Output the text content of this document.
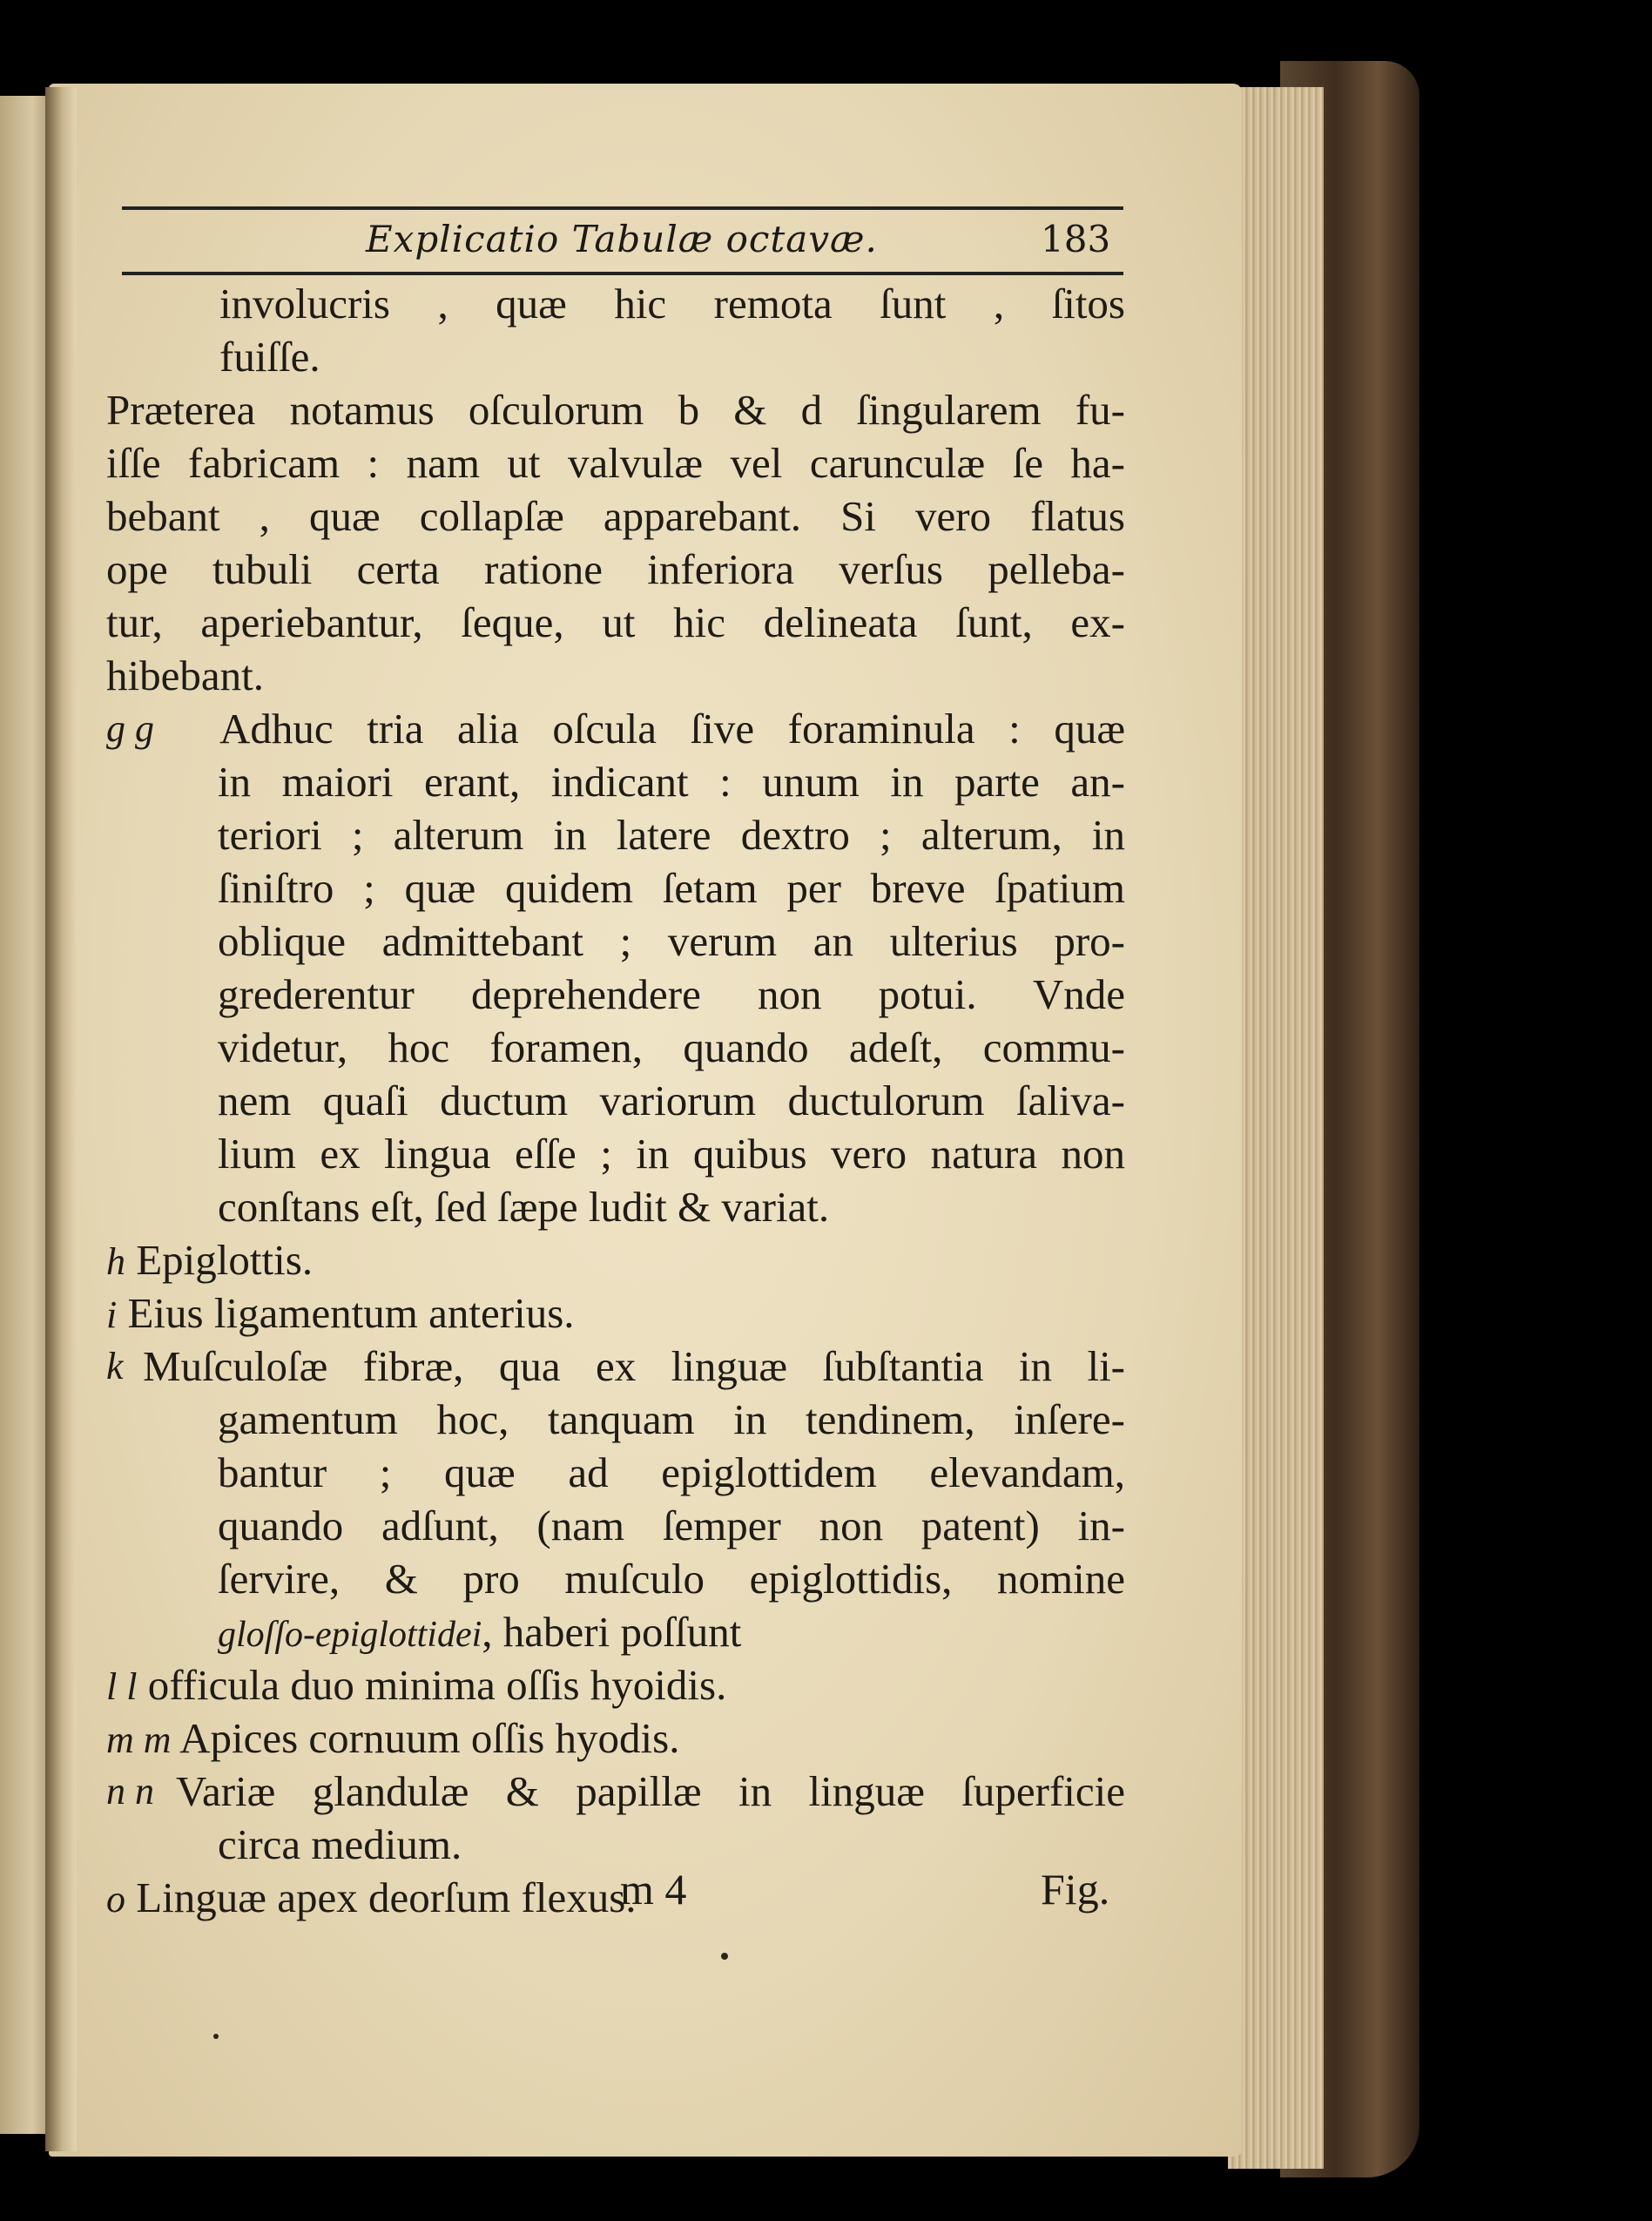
Explicatio Tabulæ octavæ.	183
involucris , quæ hic remota ſunt , ſitos
fuiſſe.
Præterea notamus oſculorum b & d ſingularem fu-
iſſe fabricam : nam ut valvulæ vel carunculæ ſe ha-
bebant , quæ collapſæ apparebant. Si vero flatus
ope tubuli certa ratione inferiora verſus pelleba-
tur, aperiebantur, ſeque, ut hic delineata ſunt, ex-
hibebant.
g g	Adhuc tria alia oſcula ſive foraminula : quæ
in maiori erant, indicant : unum in parte an-
teriori ; alterum in latere dextro ; alterum, in
ſiniſtro ; quæ quidem ſetam per breve ſpatium
oblique admittebant ; verum an ulterius pro-
grederentur deprehendere non potui. Vnde
videtur, hoc foramen, quando adeſt, commu-
nem quaſi ductum variorum ductulorum ſaliva-
lium ex lingua eſſe ; in quibus vero natura non
conſtans eſt, ſed ſæpe ludit & variat.
h Epiglottis.
i Eius ligamentum anterius.
k Muſculoſæ fibræ, qua ex linguæ ſubſtantia in li-
gamentum hoc, tanquam in tendinem, inſere-
bantur ; quæ ad epiglottidem elevandam,
quando adſunt, (nam ſemper non patent) in-
ſervire, & pro muſculo epiglottidis, nomine
gloſſo-epiglottidei, haberi poſſunt
l l officula duo minima oſſis hyoidis.
m m Apices cornuum oſſis hyodis.
n n Variæ glandulæ & papillæ in linguæ ſuperficie
circa medium.
o Linguæ apex deorſum flexus.
m 4	Fig.
